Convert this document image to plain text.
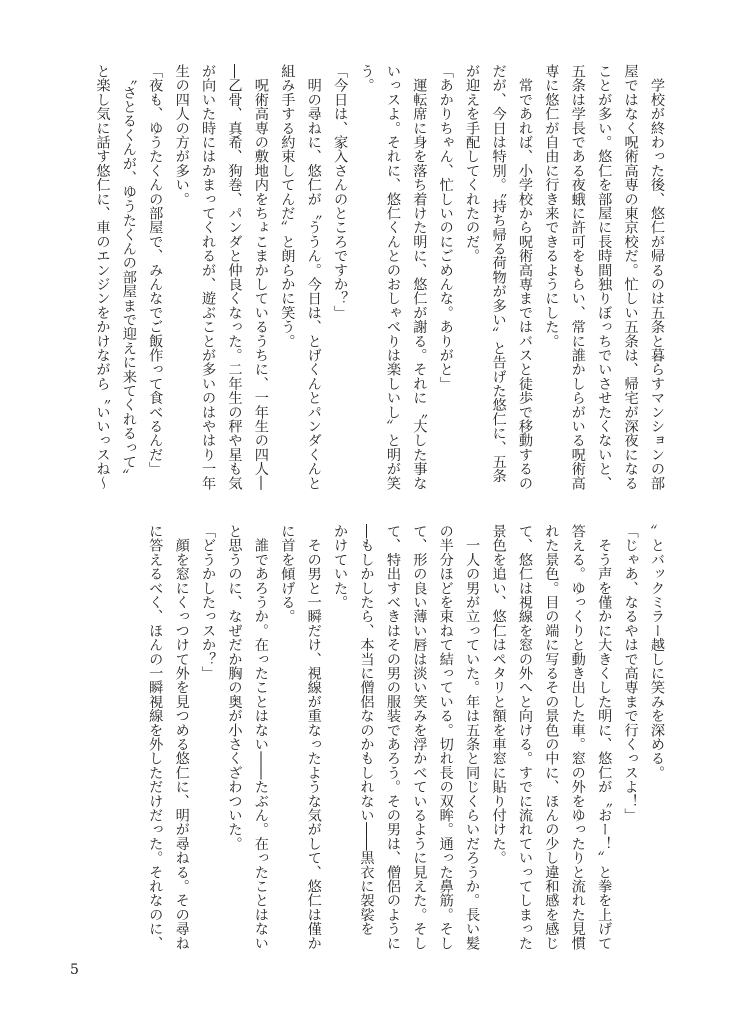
　学校が終わった後、悠仁が帰るのは五条と暮らすマンションの部
屋ではなく呪術高専の東京校だ。忙しい五条は、帰宅が深夜になる
ことが多い。悠仁を部屋に長時間独りぼっちでいさせたくないと、
五条は学長である夜蛾に許可をもらい、常に誰かしらがいる呪術高
専に悠仁が自由に行き来できるようにした。
　常であれば、小学校から呪術高専まではバスと徒歩で移動するの
だが、今日は特別。〝持ち帰る荷物が多い〟と告げた悠仁に、五条
が迎えを手配してくれたのだ。
「あかりちゃん、忙しいのにごめんな。ありがと」
　運転席に身を落ち着けた明に、悠仁が謝る。それに〝大した事な
いっスよ。それに、悠仁くんとのおしゃべりは楽しいし〟と明が笑
う。
「今日は、家入さんのところですか？」
　明の尋ねに、悠仁が〝ううん。今日は、とげくんとパンダくんと
組み手する約束してんだ〟と朗らかに笑う。
　呪術高専の敷地内をちょこまかしているうちに、一年生の四人―
―乙骨、真希、狗巻、パンダと仲良くなった。二年生の秤や星も気
が向いた時にはかまってくれるが、遊ぶことが多いのはやはり一年
生の四人の方が多い。
「夜も、ゆうたくんの部屋で、みんなでご飯作って食べるんだ」
　〝さとるくんが、ゆうたくんの部屋まで迎えに来てくれるって〟
と楽し気に話す悠仁に、車のエンジンをかけながら〝いいっスね～
〟とバックミラー越しに笑みを深める。
「じゃあ、なるやはで高専まで行くっスよ！」
　そう声を僅かに大きくした明に、悠仁が〝おー！〟と拳を上げて
答える。ゆっくりと動き出した車。窓の外をゆったりと流れた見慣
れた景色。目の端に写るその景色の中に、ほんの少し違和感を感じ
て、悠仁は視線を窓の外へと向ける。すでに流れていってしまった
景色を追い、悠仁はペタリと額を車窓に貼り付けた。
　一人の男が立っていた。年は五条と同じくらいだろうか。長い髪
の半分ほどを束ねて結っている。切れ長の双眸。通った鼻筋。そし
て、形の良い薄い唇は淡い笑みを浮かべているように見えた。そし
て、特出すべきはその男の服装であろう。その男は、僧侶のように
―もしかしたら、本当に僧侶なのかもしれない――黒衣に袈裟を
かけていた。
　その男と一瞬だけ、視線が重なったような気がして、悠仁は僅か
に首を傾げる。
　誰であろうか。在ったことはない――たぶん。在ったことはない
と思うのに、なぜだか胸の奥が小さくざわついた。
「どうかしたっスか？」
　顔を窓にくっつけて外を見つめる悠仁に、明が尋ねる。その尋ね
に答えるべく、ほんの一瞬視線を外しただけだった。それなのに、
5
